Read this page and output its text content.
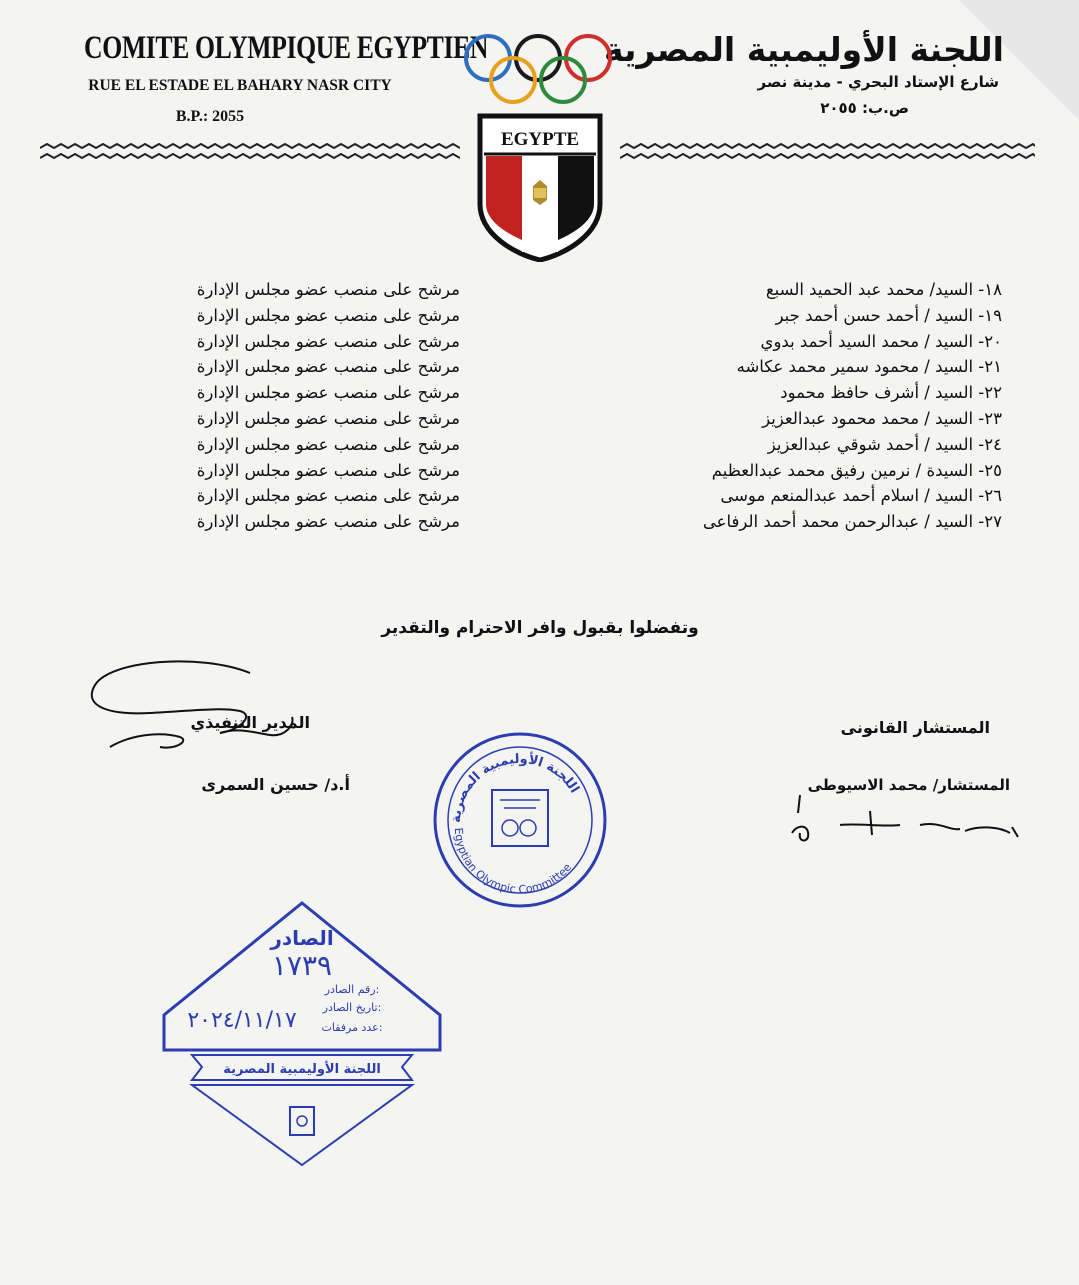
COMITE OLYMPIQUE EGYPTIEN
RUE EL ESTADE EL BAHARY NASR CITY
B.P.: 2055
اللجنة الأوليمبية المصرية
شارع الإستاد البحري - مدينة نصر
ص.ب: ٢٠٥٥
EGYPTE
١٨- السيد/ محمد عبد الحميد السبع
مرشح على منصب عضو مجلس الإدارة
١٩- السيد / أحمد حسن أحمد جبر
مرشح على منصب عضو مجلس الإدارة
٢٠- السيد / محمد السيد أحمد بدوي
مرشح على منصب عضو مجلس الإدارة
٢١- السيد / محمود سمير محمد عكاشه
مرشح على منصب عضو مجلس الإدارة
٢٢- السيد / أشرف حافظ محمود
مرشح على منصب عضو مجلس الإدارة
٢٣- السيد / محمد محمود عبدالعزيز
مرشح على منصب عضو مجلس الإدارة
٢٤- السيد / أحمد شوقي عبدالعزيز
مرشح على منصب عضو مجلس الإدارة
٢٥- السيدة / نرمين رفيق محمد عبدالعظيم
مرشح على منصب عضو مجلس الإدارة
٢٦- السيد / اسلام أحمد عبدالمنعم موسى
مرشح على منصب عضو مجلس الإدارة
٢٧- السيد / عبدالرحمن محمد أحمد الرفاعى
مرشح على منصب عضو مجلس الإدارة
وتفضلوا بقبول وافر الاحترام والتقدير
المدير التنفيذي
أ.د/ حسين السمرى
المستشار القانونى
المستشار/ محمد الاسيوطى
اللجنة الأوليمبية المصرية
Egyptian Olympic Committee
الصادر
١٧٣٩
رقم الصادر:
تاريخ الصادر:
٢٠٢٤/١١/١٧ عدد مرفقات:
اللجنة الأوليمبية المصرية
